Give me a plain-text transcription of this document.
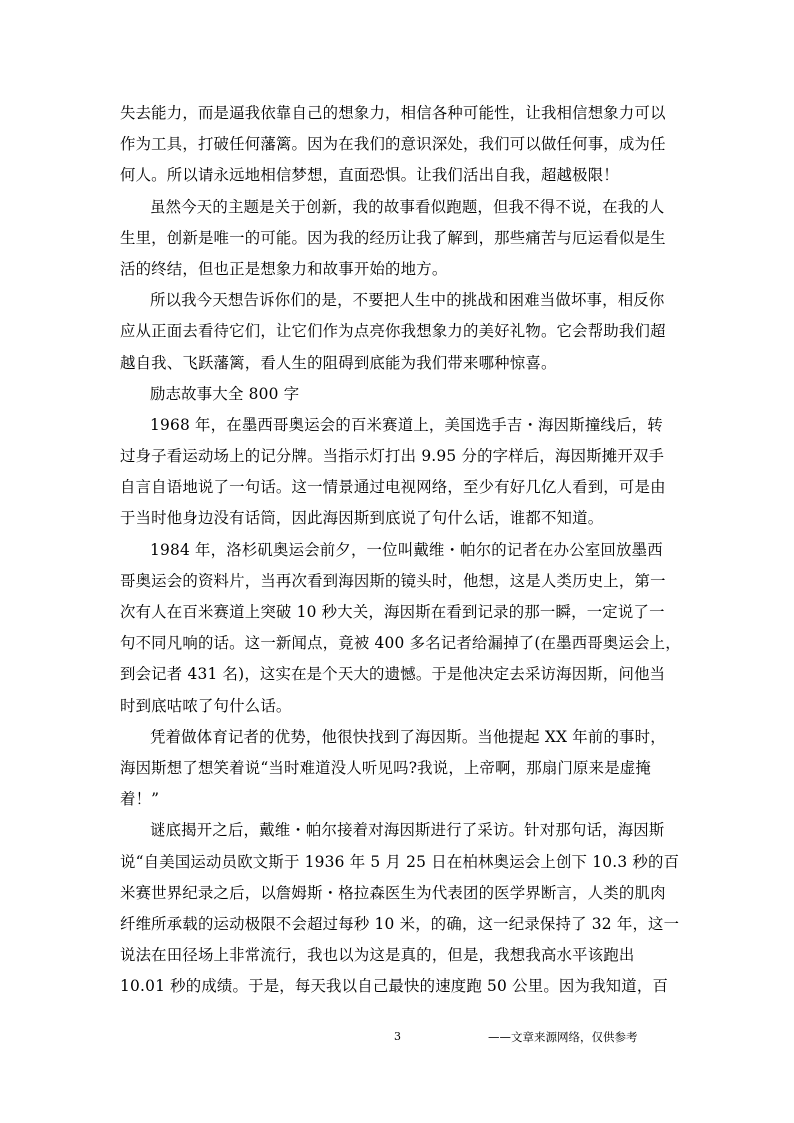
失去能力，而是逼我依靠自己的想象力，相信各种可能性，让我相信想象力可以
作为工具，打破任何藩篱。因为在我们的意识深处，我们可以做任何事，成为任
何人。所以请永远地相信梦想，直面恐惧。让我们活出自我，超越极限！
虽然今天的主题是关于创新，我的故事看似跑题，但我不得不说，在我的人
生里，创新是唯一的可能。因为我的经历让我了解到，那些痛苦与厄运看似是生
活的终结，但也正是想象力和故事开始的地方。
所以我今天想告诉你们的是，不要把人生中的挑战和困难当做坏事，相反你
应从正面去看待它们，让它们作为点亮你我想象力的美好礼物。它会帮助我们超
越自我、飞跃藩篱，看人生的阻碍到底能为我们带来哪种惊喜。
励志故事大全 800 字
1968 年，在墨西哥奥运会的百米赛道上，美国选手吉・海因斯撞线后，转
过身子看运动场上的记分牌。当指示灯打出 9.95 分的字样后，海因斯摊开双手
自言自语地说了一句话。这一情景通过电视网络，至少有好几亿人看到，可是由
于当时他身边没有话筒，因此海因斯到底说了句什么话，谁都不知道。
1984 年，洛杉矶奥运会前夕，一位叫戴维・帕尔的记者在办公室回放墨西
哥奥运会的资料片，当再次看到海因斯的镜头时，他想，这是人类历史上，第一
次有人在百米赛道上突破 10 秒大关，海因斯在看到记录的那一瞬，一定说了一
句不同凡响的话。这一新闻点，竟被 400 多名记者给漏掉了(在墨西哥奥运会上，
到会记者 431 名)，这实在是个天大的遗憾。于是他决定去采访海因斯，问他当
时到底咕哝了句什么话。
凭着做体育记者的优势，他很快找到了海因斯。当他提起 XX 年前的事时，
海因斯想了想笑着说“当时难道没人听见吗?我说，上帝啊，那扇门原来是虚掩
着！”
谜底揭开之后，戴维・帕尔接着对海因斯进行了采访。针对那句话，海因斯
说“自美国运动员欧文斯于 1936 年 5 月 25 日在柏林奥运会上创下 10.3 秒的百
米赛世界纪录之后，以詹姆斯・格拉森医生为代表团的医学界断言，人类的肌肉
纤维所承载的运动极限不会超过每秒 10 米，的确，这一纪录保持了 32 年，这一
说法在田径场上非常流行，我也以为这是真的，但是，我想我高水平该跑出
10.01 秒的成绩。于是，每天我以自己最快的速度跑 50 公里。因为我知道，百
3	——文章来源网络，仅供参考
